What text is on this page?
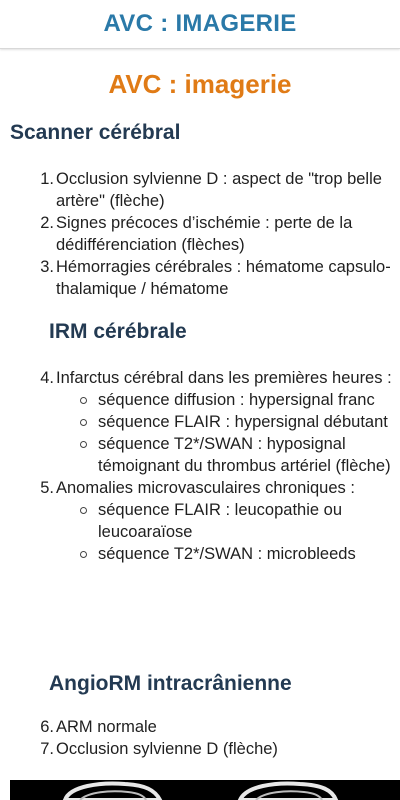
AVC : IMAGERIE
AVC : imagerie
Scanner cérébral
1. Occlusion sylvienne D : aspect de "trop belle artère" (flèche)
2. Signes précoces d’ischémie : perte de la dédifférenciation (flèches)
3. Hémorragies cérébrales : hématome capsulo-thalamique / hématome
IRM cérébrale
4. Infarctus cérébral dans les premières heures :
séquence diffusion : hypersignal franc
séquence FLAIR : hypersignal débutant
séquence T2*/SWAN : hyposignal témoignant du thrombus artériel (flèche)
5. Anomalies microvasculaires chroniques :
séquence FLAIR : leucopathie ou leucoaraïose
séquence T2*/SWAN : microbleeds
AngioRM intracrânienne
6. ARM normale
7. Occlusion sylvienne D (flèche)
